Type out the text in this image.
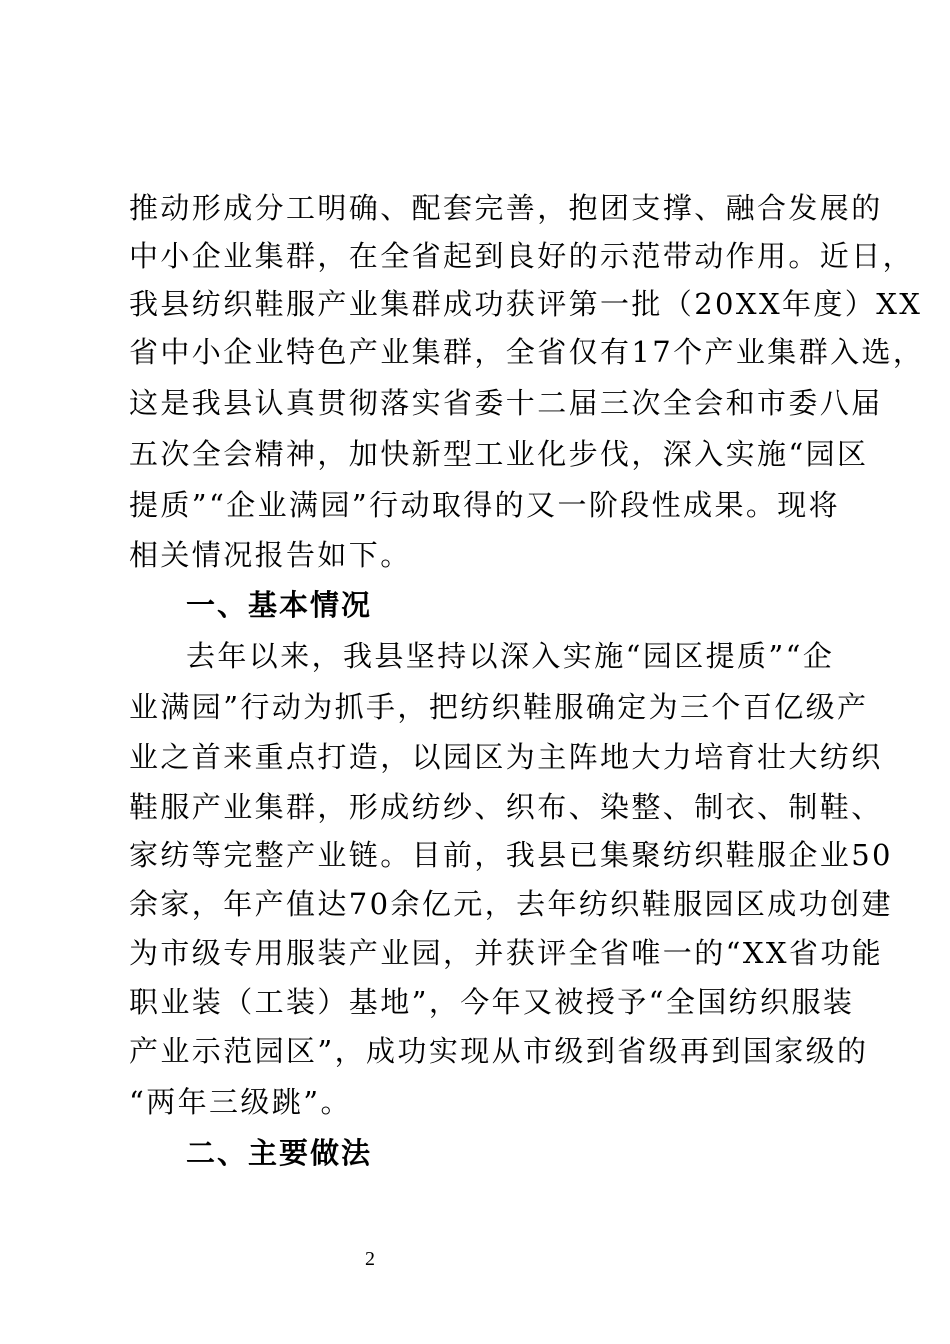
推动形成分工明确、配套完善，抱团支撑、融合发展的
中小企业集群，在全省起到良好的示范带动作用。近日，
我县纺织鞋服产业集群成功获评第一批（20XX年度）XX
省中小企业特色产业集群，全省仅有17个产业集群入选，
这是我县认真贯彻落实省委十二届三次全会和市委八届
五次全会精神，加快新型工业化步伐，深入实施“园区
提质”“企业满园”行动取得的又一阶段性成果。现将
相关情况报告如下。
一、基本情况
去年以来，我县坚持以深入实施“园区提质”“企
业满园”行动为抓手，把纺织鞋服确定为三个百亿级产
业之首来重点打造，以园区为主阵地大力培育壮大纺织
鞋服产业集群，形成纺纱、织布、染整、制衣、制鞋、
家纺等完整产业链。目前，我县已集聚纺织鞋服企业50
余家，年产值达70余亿元，去年纺织鞋服园区成功创建
为市级专用服装产业园，并获评全省唯一的“XX省功能
职业装（工装）基地”，今年又被授予“全国纺织服装
产业示范园区”，成功实现从市级到省级再到国家级的
“两年三级跳”。
二、主要做法
2
